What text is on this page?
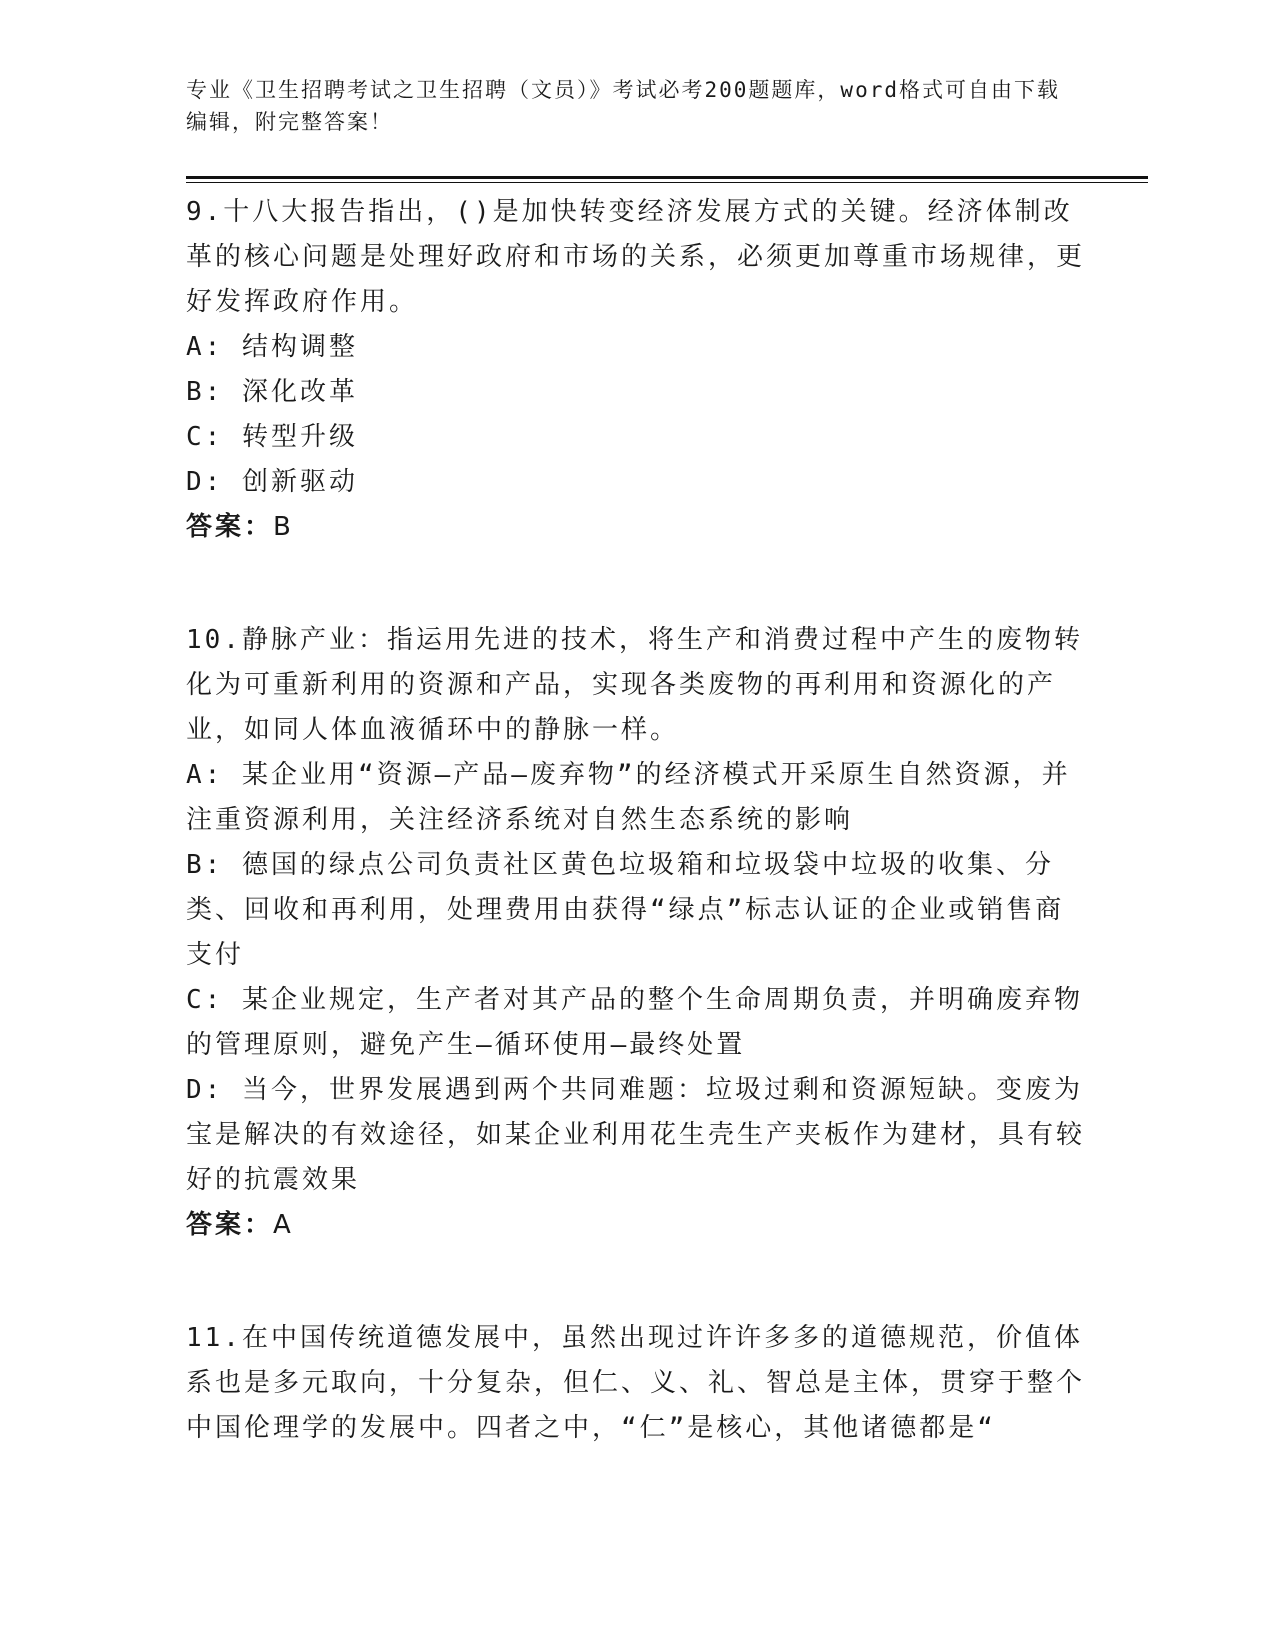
专业《卫生招聘考试之卫生招聘（文员）》考试必考200题题库，word格式可自由下载编辑，附完整答案！
9.十八大报告指出，()是加快转变经济发展方式的关键。经济体制改革的核心问题是处理好政府和市场的关系，必须更加尊重市场规律，更好发挥政府作用。
A: 结构调整
B: 深化改革
C: 转型升级
D: 创新驱动
答案：B
10.静脉产业：指运用先进的技术，将生产和消费过程中产生的废物转化为可重新利用的资源和产品，实现各类废物的再利用和资源化的产业，如同人体血液循环中的静脉一样。
A: 某企业用“资源—产品—废弃物”的经济模式开采原生自然资源，并注重资源利用，关注经济系统对自然生态系统的影响
B: 德国的绿点公司负责社区黄色垃圾箱和垃圾袋中垃圾的收集、分类、回收和再利用，处理费用由获得“绿点”标志认证的企业或销售商支付
C: 某企业规定，生产者对其产品的整个生命周期负责，并明确废弃物的管理原则，避免产生—循环使用—最终处置
D: 当今，世界发展遇到两个共同难题：垃圾过剩和资源短缺。变废为宝是解决的有效途径，如某企业利用花生壳生产夹板作为建材，具有较好的抗震效果
答案：A
11.在中国传统道德发展中，虽然出现过许许多多的道德规范，价值体系也是多元取向，十分复杂，但仁、义、礼、智总是主体，贯穿于整个中国伦理学的发展中。四者之中，“仁”是核心，其他诸德都是“
